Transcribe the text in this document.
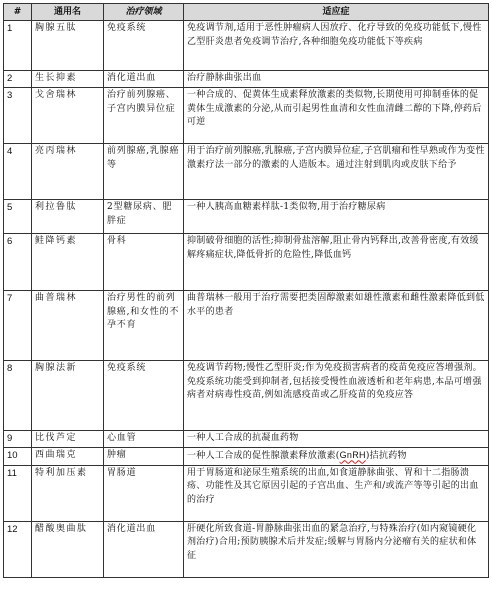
#	通用名	治疗领域	适应症
1	胸腺五肽	免疫系统	免疫调节剂,适用于恶性肿瘤病人因放疗、化疗导致的免疫功能低下,慢性乙型肝炎患者免疫调节治疗,各种细胞免疫功能低下等疾病
2	生长抑素	消化道出血	治疗静脉曲张出血
3	戈舍瑞林	治疗前列腺癌、子宫内膜异位症	一种合成的、促黄体生成素释放激素的类似物,长期使用可抑制垂体的促黄体生成激素的分泌,从而引起男性血清和女性血清雌二醇的下降,停药后可逆
4	亮丙瑞林	前列腺癌,乳腺癌等	用于治疗前列腺癌,乳腺癌,子宫内膜异位症,子宫肌瘤和性早熟或作为变性激素疗法一部分的激素的人造版本。通过注射到肌肉或皮肤下给予
5	利拉鲁肽	2型糖尿病、肥胖症	一种人胰高血糖素样肽-1类似物,用于治疗糖尿病
6	鲑降钙素	骨科	抑制破骨细胞的活性;抑制骨盐溶解,阻止骨内钙释出,改善骨密度,有效缓解疼痛症状,降低骨折的危险性,降低血钙
7	曲普瑞林	治疗男性的前列腺癌,和女性的不孕不育	曲普瑞林一般用于治疗需要把类固醇激素如雄性激素和雌性激素降低到低水平的患者
8	胸腺法新	免疫系统	免疫调节药物;慢性乙型肝炎;作为免疫损害病者的疫苗免疫应答增强剂。免疫系统功能受到抑制者,包括接受慢性血液透析和老年病患,本品可增强病者对病毒性疫苗,例如流感疫苗或乙肝疫苗的免疫应答
9	比伐芦定	心血管	一种人工合成的抗凝血药物
10	西曲瑞克	肿瘤	一种人工合成的促性腺激素释放激素(GnRH)拮抗药物
11	特利加压素	胃肠道	用于胃肠道和泌尿生殖系统的出血,如食道静脉曲张、胃和十二指肠溃疡、功能性及其它原因引起的子宫出血、生产和/或流产等等引起的出血的治疗
12	醋酸奥曲肽	消化道出血	肝硬化所致食道-胃静脉曲张出血的紧急治疗,与特殊治疗(如内窥镜硬化剂治疗)合用;预防胰腺术后并发症;缓解与胃肠内分泌瘤有关的症状和体征
